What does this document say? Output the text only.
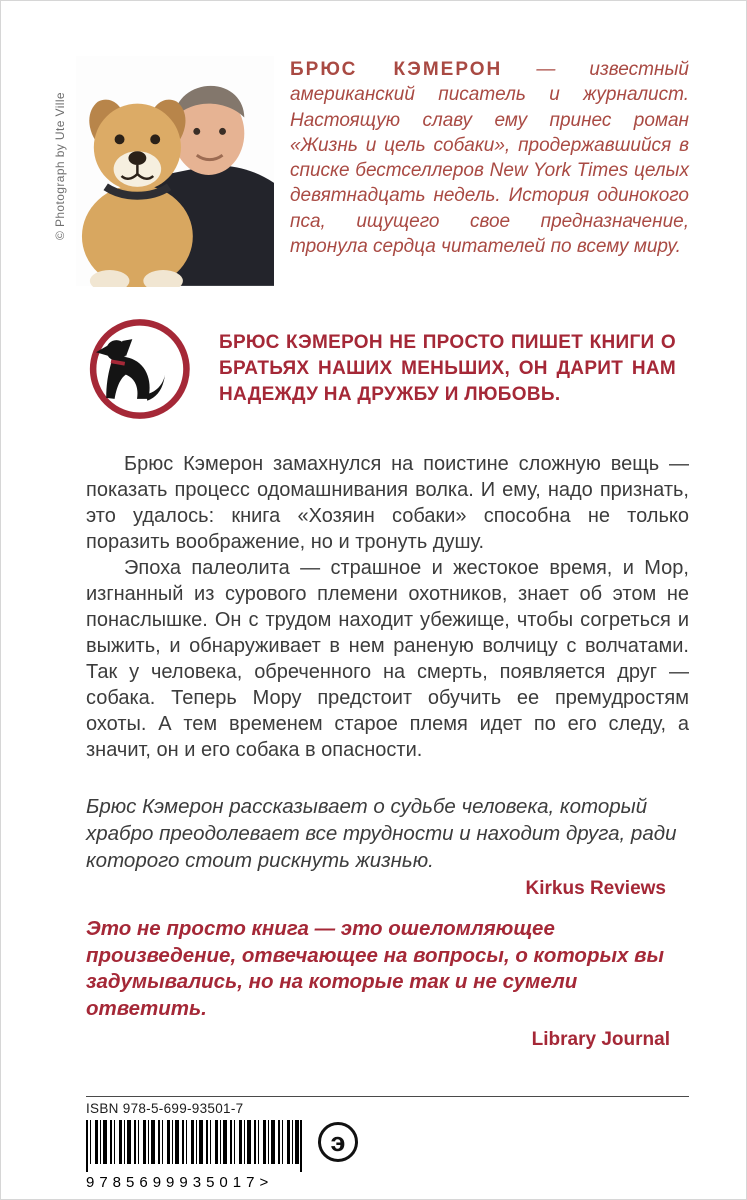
© Photograph by Ute Ville
БРЮС КЭМЕРОН — известный американский писатель и журналист. Настоящую славу ему принес роман «Жизнь и цель собаки», продержавшийся в списке бестселлеров New York Times целых девятнадцать недель. История одинокого пса, ищущего свое предназначение, тронула сердца читателей по всему миру.
БРЮС КЭМЕРОН НЕ ПРОСТО ПИШЕТ КНИГИ О БРАТЬЯХ НАШИХ МЕНЬШИХ, ОН ДАРИТ НАМ НАДЕЖДУ НА ДРУЖБУ И ЛЮБОВЬ.

Брюс Кэмерон замахнулся на поистине сложную вещь — показать процесс одомашнивания волка. И ему, надо признать, это удалось: книга «Хозяин собаки» способна не только поразить воображение, но и тронуть душу.

Эпоха палеолита — страшное и жестокое время, и Мор, изгнанный из сурового племени охотников, знает об этом не понаслышке. Он с трудом находит убежище, чтобы согреться и выжить, и обнаруживает в нем раненую волчицу с волчатами. Так у человека, обреченного на смерть, появляется друг — собака. Теперь Мору предстоит обучить ее премудростям охоты. А тем временем старое племя идет по его следу, а значит, он и его собака в опасности.

Брюс Кэмерон рассказывает о судьбе человека, который храбро преодолевает все трудности и находит друга, ради которого стоит рискнуть жизнью.
Kirkus Reviews
Это не просто книга — это ошеломляющее произведение, отвечающее на вопросы, о которых вы задумывались, но на которые так и не сумели ответить.
Library Journal
ISBN 978-5-699-93501-7
9785699935017>
э
